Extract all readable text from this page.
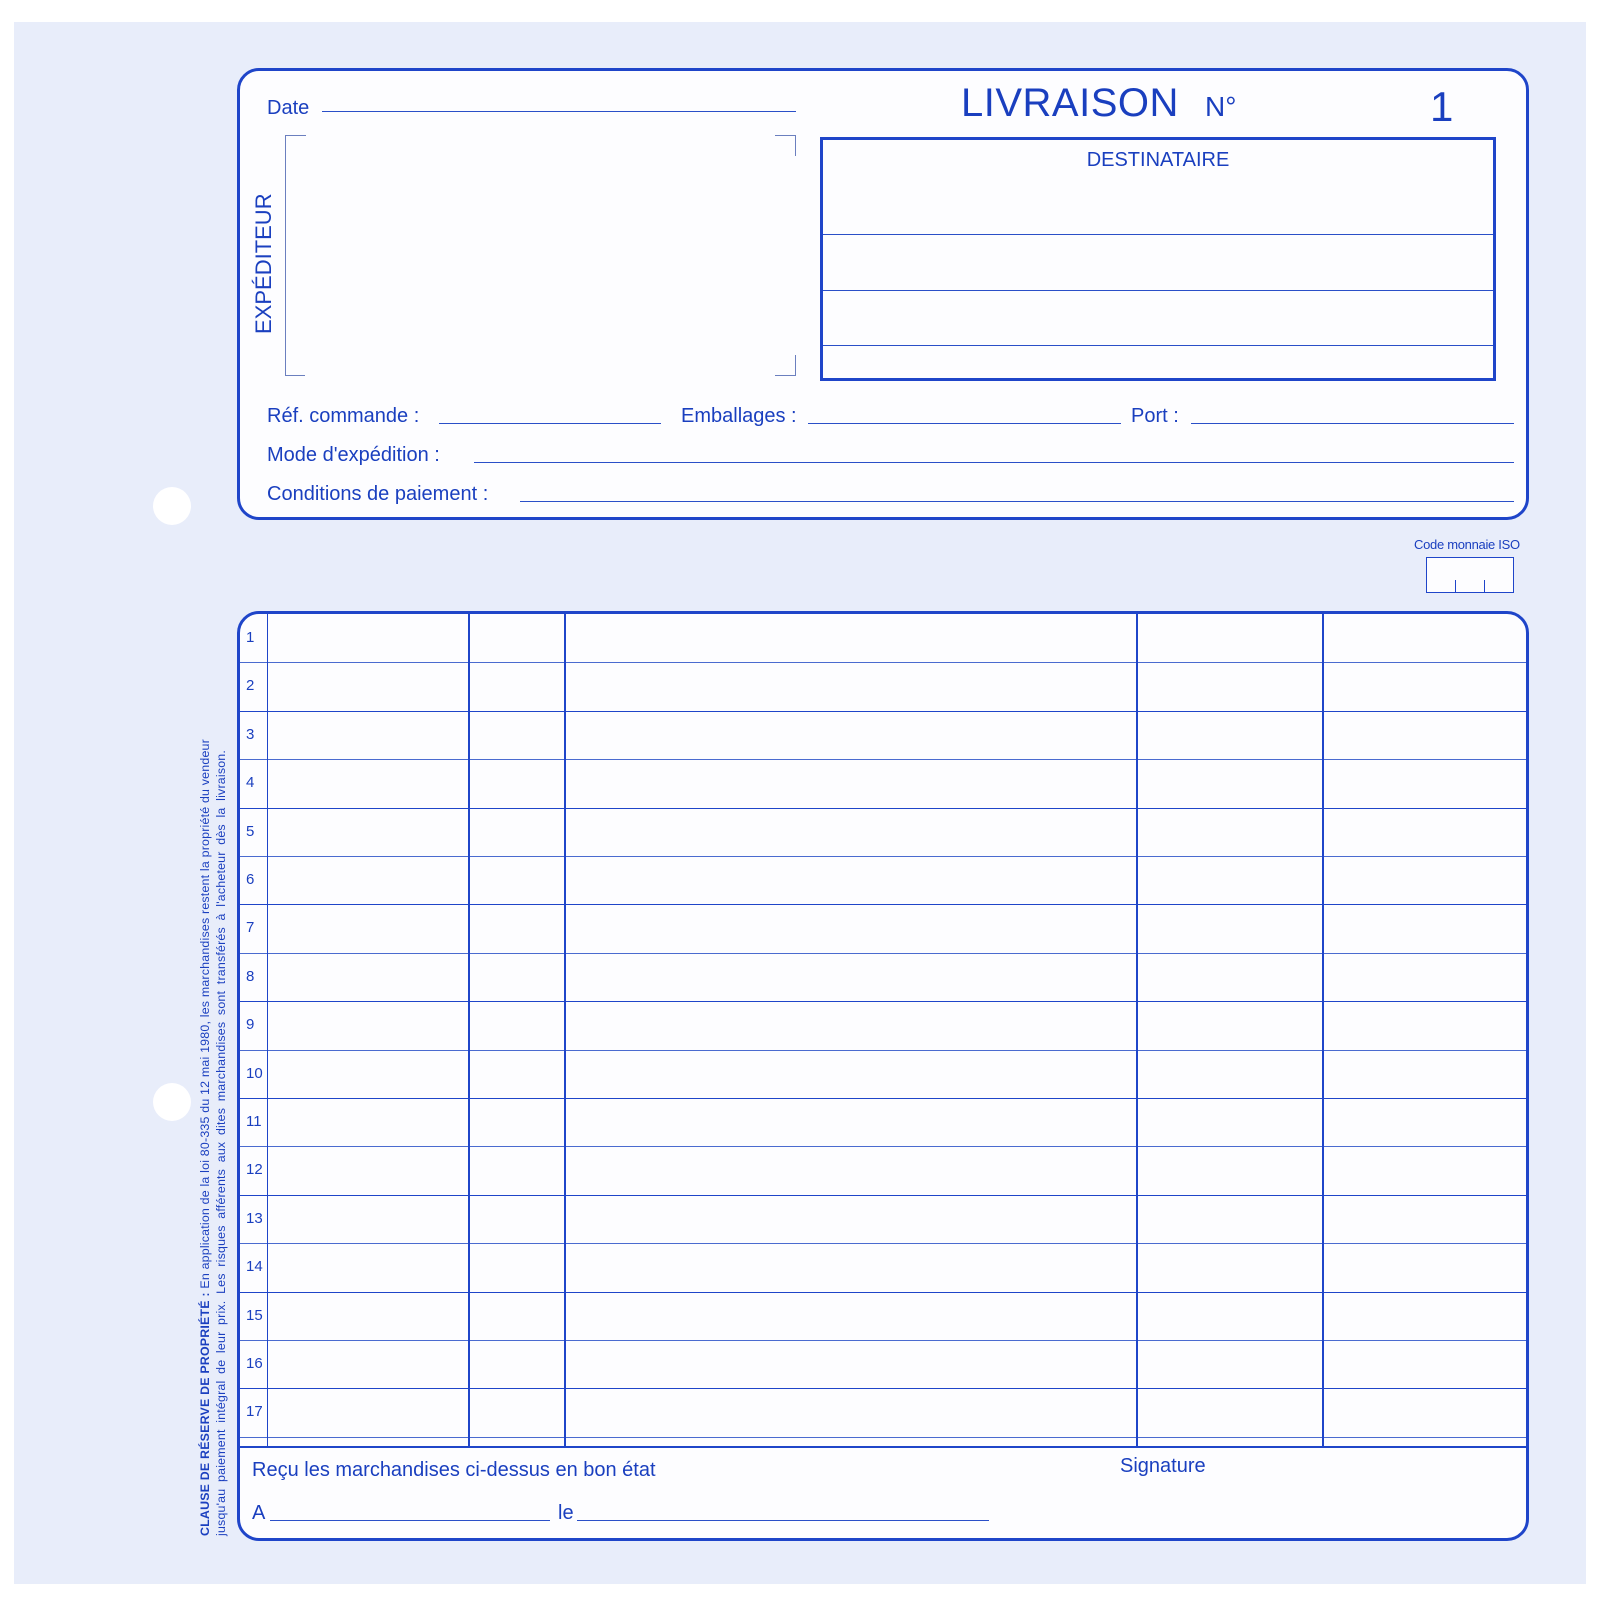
Date	LIVRAISON N°	1
EXPÉDITEUR
DESTINATAIRE
Réf. commande :	Emballages :	Port :
Mode d'expédition :
Conditions de paiement :
Code monnaie ISO
CLAUSE DE RÉSERVE DE PROPRIÉTÉ : En application de la loi 80-335 du 12 mai 1980, les marchandises restent la propriété du vendeur jusqu'au paiement intégral de leur prix. Les risques afférents aux dites marchandises sont transférés à l'acheteur dès la livraison.
1
2
3
4
5
6
7
8
9
10
11
12
13
14
15
16
17
Reçu les marchandises ci-dessus en bon état	Signature
A	le
